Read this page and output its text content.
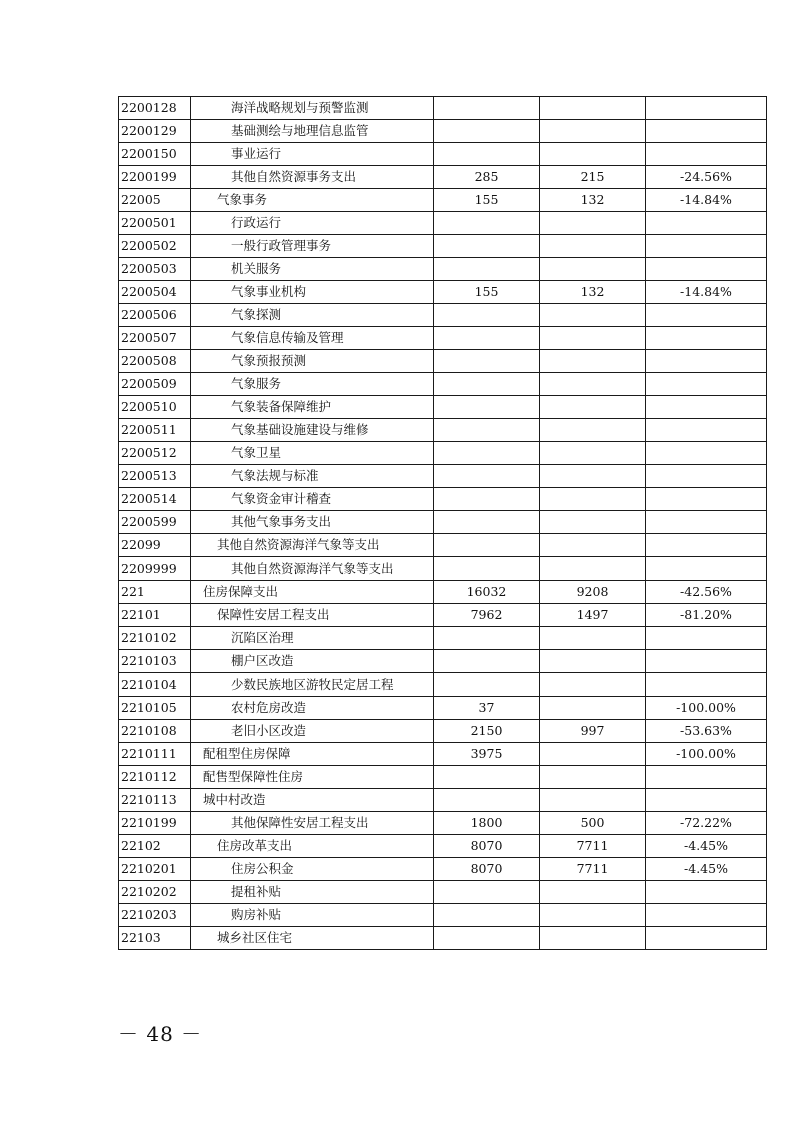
2200128	海洋战略规划与预警监测			
2200129	基础测绘与地理信息监管			
2200150	事业运行			
2200199	其他自然资源事务支出	285	215	-24.56%
22005	气象事务	155	132	-14.84%
2200501	行政运行			
2200502	一般行政管理事务			
2200503	机关服务			
2200504	气象事业机构	155	132	-14.84%
2200506	气象探测			
2200507	气象信息传输及管理			
2200508	气象预报预测			
2200509	气象服务			
2200510	气象装备保障维护			
2200511	气象基础设施建设与维修			
2200512	气象卫星			
2200513	气象法规与标准			
2200514	气象资金审计稽查			
2200599	其他气象事务支出			
22099	其他自然资源海洋气象等支出			
2209999	其他自然资源海洋气象等支出			
221	住房保障支出	16032	9208	-42.56%
22101	保障性安居工程支出	7962	1497	-81.20%
2210102	沉陷区治理			
2210103	棚户区改造			
2210104	少数民族地区游牧民定居工程			
2210105	农村危房改造	37		-100.00%
2210108	老旧小区改造	2150	997	-53.63%
2210111	配租型住房保障	3975		-100.00%
2210112	配售型保障性住房			
2210113	城中村改造			
2210199	其他保障性安居工程支出	1800	500	-72.22%
22102	住房改革支出	8070	7711	-4.45%
2210201	住房公积金	8070	7711	-4.45%
2210202	提租补贴			
2210203	购房补贴			
22103	城乡社区住宅			
－ 48 －
